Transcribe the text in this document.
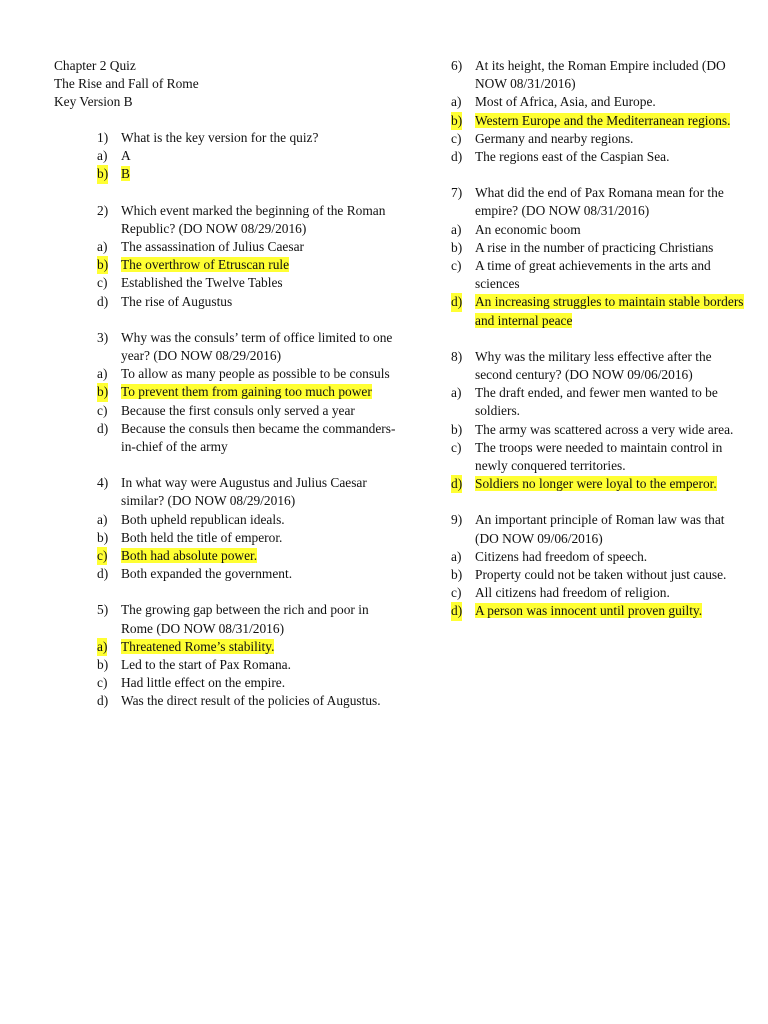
Chapter 2 Quiz
The Rise and Fall of Rome
Key Version B
1) What is the key version for the quiz?
a) A
b) B
2) Which event marked the beginning of the Roman Republic? (DO NOW 08/29/2016)
a) The assassination of Julius Caesar
b) The overthrow of Etruscan rule
c) Established the Twelve Tables
d) The rise of Augustus
3) Why was the consuls’ term of office limited to one year? (DO NOW 08/29/2016)
a) To allow as many people as possible to be consuls
b) To prevent them from gaining too much power
c) Because the first consuls only served a year
d) Because the consuls then became the commanders-in-chief of the army
4) In what way were Augustus and Julius Caesar similar? (DO NOW 08/29/2016)
a) Both upheld republican ideals.
b) Both held the title of emperor.
c) Both had absolute power.
d) Both expanded the government.
5) The growing gap between the rich and poor in Rome (DO NOW 08/31/2016)
a) Threatened Rome’s stability.
b) Led to the start of Pax Romana.
c) Had little effect on the empire.
d) Was the direct result of the policies of Augustus.
6) At its height, the Roman Empire included (DO NOW 08/31/2016)
a) Most of Africa, Asia, and Europe.
b) Western Europe and the Mediterranean regions.
c) Germany and nearby regions.
d) The regions east of the Caspian Sea.
7) What did the end of Pax Romana mean for the empire? (DO NOW 08/31/2016)
a) An economic boom
b) A rise in the number of practicing Christians
c) A time of great achievements in the arts and sciences
d) An increasing struggles to maintain stable borders and internal peace
8) Why was the military less effective after the second century? (DO NOW 09/06/2016)
a) The draft ended, and fewer men wanted to be soldiers.
b) The army was scattered across a very wide area.
c) The troops were needed to maintain control in newly conquered territories.
d) Soldiers no longer were loyal to the emperor.
9) An important principle of Roman law was that (DO NOW 09/06/2016)
a) Citizens had freedom of speech.
b) Property could not be taken without just cause.
c) All citizens had freedom of religion.
d) A person was innocent until proven guilty.
